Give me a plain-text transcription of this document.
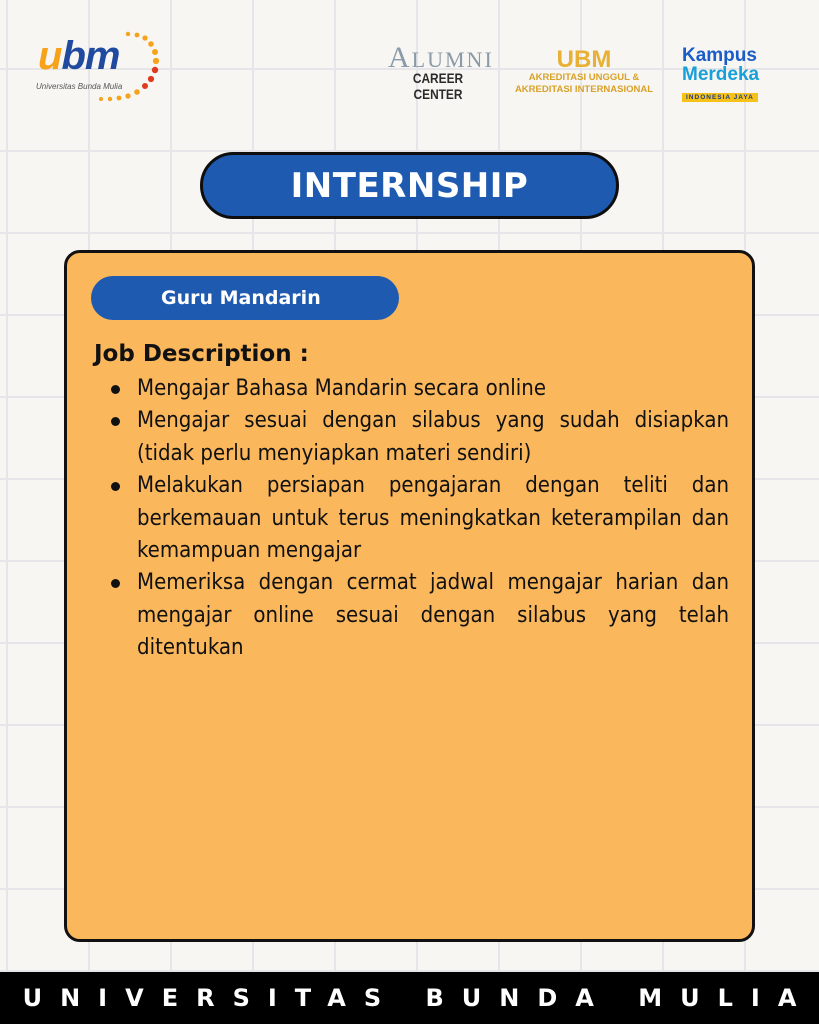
ubm
Universitas Bunda Mulia
ALUMNI
CAREER CENTER
UBM
AKREDITASI UNGGUL &
AKREDITASI INTERNASIONAL
Kampus
Merdeka
INDONESIA JAYA
INTERNSHIP
Guru Mandarin
Job Description :
Mengajar Bahasa Mandarin secara online
Mengajar sesuai dengan silabus yang sudah disiapkan (tidak perlu menyiapkan materi sendiri)
Melakukan persiapan pengajaran dengan teliti dan berkemauan untuk terus meningkatkan keterampilan dan kemampuan mengajar
Memeriksa dengan cermat jadwal mengajar harian dan mengajar online sesuai dengan silabus yang telah ditentukan
UNIVERSITAS BUNDA MULIA
